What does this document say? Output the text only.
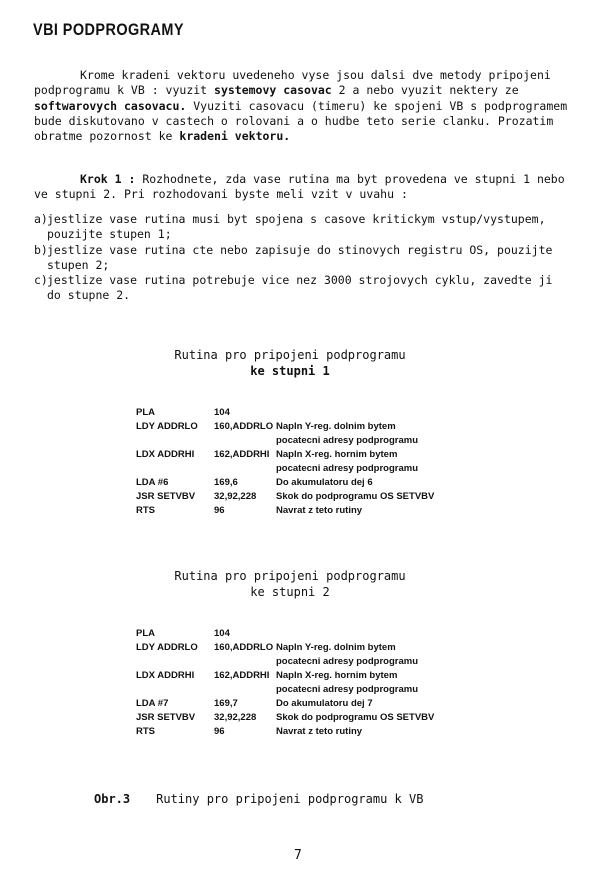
VBI PODPROGRAMY

Krome kradeni vektoru uvedeneho vyse jsou dalsi dve metody pripojeni podprogramu k VB : vyuzit systemovy casovac 2 a nebo vyuzit nektery ze softwarovych casovacu. Vyuziti casovacu (timeru) ke spojeni VB s podprogramem bude diskutovano v castech o rolovani a o hudbe teto serie clanku. Prozatim obratme pozornost ke kradeni vektoru.

Krok 1 : Rozhodnete, zda vase rutina ma byt provedena ve stupni 1 nebo ve stupni 2. Pri rozhodovani byste meli vzit v uvahu :

a) jestlize vase rutina musi byt spojena s casove kritickym vstup/vystupem, pouzijte stupen 1;
b) jestlize vase rutina cte nebo zapisuje do stinovych registru OS, pouzijte stupen 2;
c) jestlize vase rutina potrebuje vice nez 3000 strojovych cyklu, zavedte ji do stupne 2.
Rutina pro pripojeni podprogramu
ke stupni 1
PLA	104	
LDY ADDRLO	160,ADDRLO	Napln Y-reg. dolnim bytem
		pocatecni adresy podprogramu
LDX ADDRHI	162,ADDRHI	Napln X-reg. hornim bytem
		pocatecni adresy podprogramu
LDA #6	169,6	Do akumulatoru dej 6
JSR SETVBV	32,92,228	Skok do podprogramu OS SETVBV
RTS	96	Navrat z teto rutiny
Rutina pro pripojeni podprogramu
ke stupni 2
PLA	104	
LDY ADDRLO	160,ADDRLO	Napln Y-reg. dolnim bytem
		pocatecni adresy podprogramu
LDX ADDRHI	162,ADDRHI	Napln X-reg. hornim bytem
		pocatecni adresy podprogramu
LDA #7	169,7	Do akumulatoru dej 7
JSR SETVBV	32,92,228	Skok do podprogramu OS SETVBV
RTS	96	Navrat z teto rutiny
Obr.3 Rutiny pro pripojeni podprogramu k VB
7
